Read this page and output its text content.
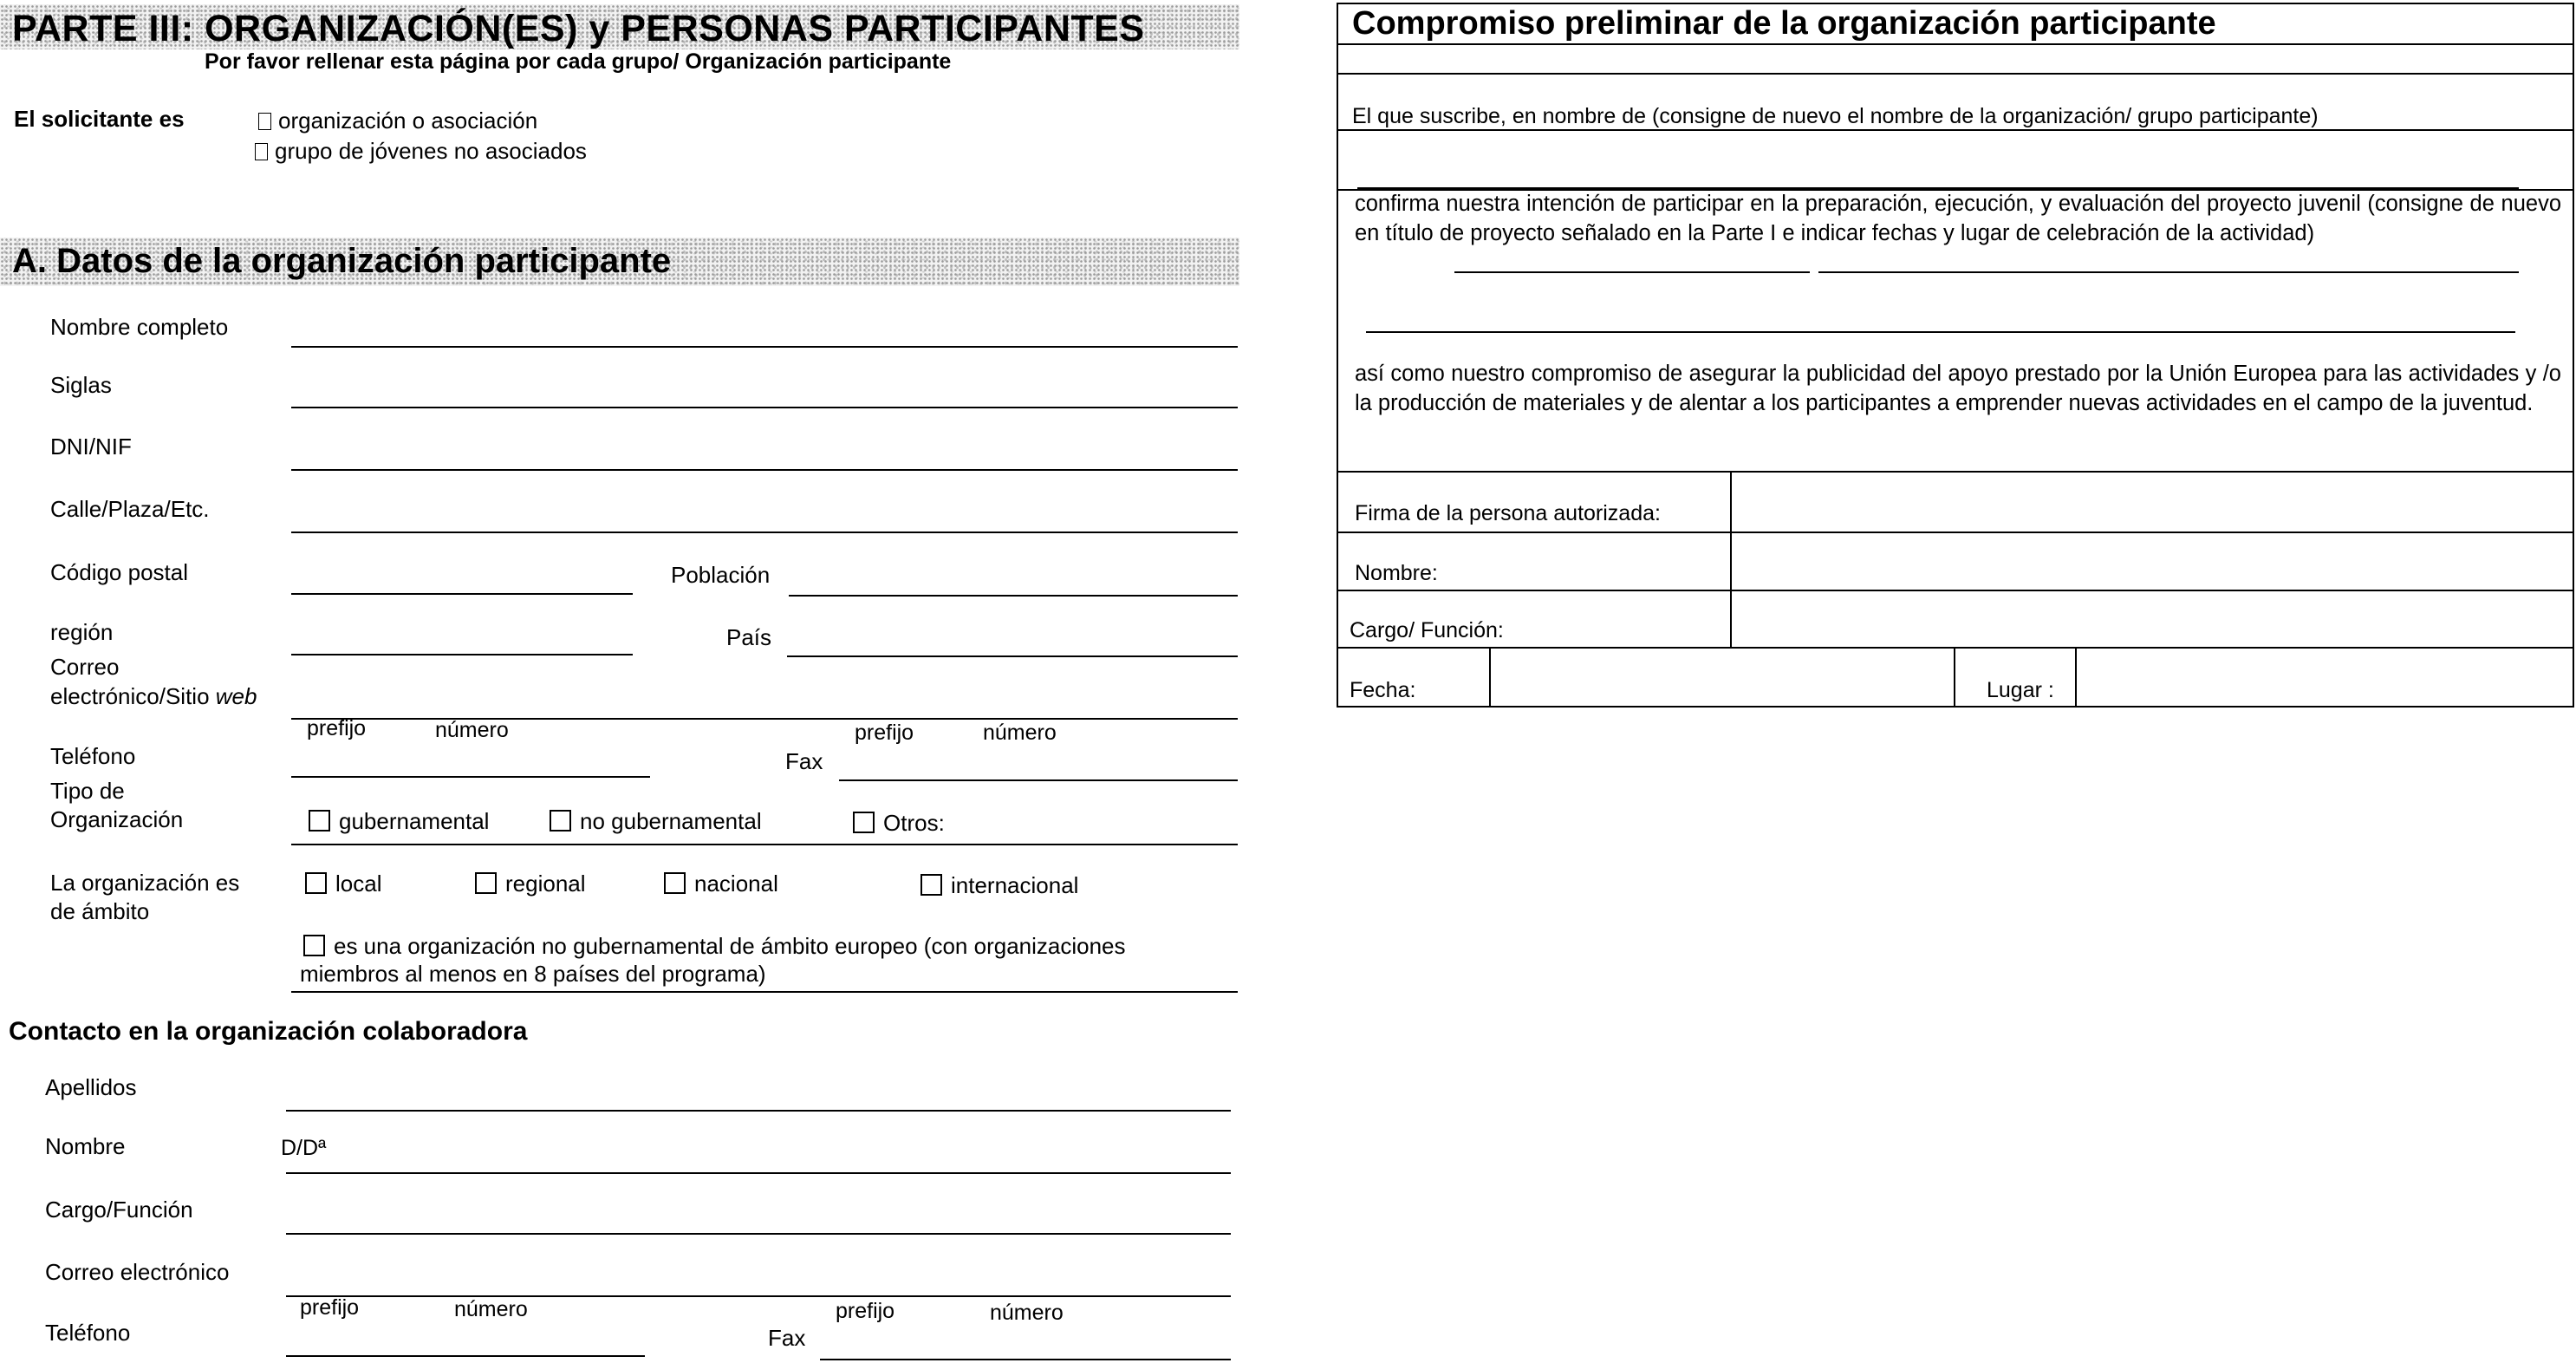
PARTE III: ORGANIZACIÓN(ES) y PERSONAS PARTICIPANTES
Por favor rellenar esta página por cada grupo/ Organización participante
El solicitante es	organización o asociación
grupo de jóvenes no asociados
A. Datos de la organización participante
Nombre completo
Siglas
DNI/NIF
Calle/Plaza/Etc.
Código postal	Población
región	País
Correo
electrónico/Sitio web
prefijo	número
Teléfono
prefijo	número
Fax
Tipo de
Organización	gubernamental	no gubernamental	Otros:
La organización es
de ámbito
local	regional	nacional	internacional
es una organización no gubernamental de ámbito europeo (con organizaciones
miembros al menos en 8 países del programa)
Contacto en la organización colaboradora
Apellidos
Nombre	D/Dª
Cargo/Función
Correo electrónico
prefijo	número
Teléfono
prefijo	número
Fax
Compromiso preliminar de la organización participante
El que suscribe, en nombre de (consigne de nuevo el nombre de la organización/ grupo participante)
confirma nuestra intención de participar en la preparación, ejecución, y evaluación del proyecto juvenil (consigne de nuevo en título de proyecto señalado en la Parte I e indicar fechas y lugar de celebración de la actividad)
así como nuestro compromiso de asegurar la publicidad del apoyo prestado por la Unión Europea para las actividades y /o la producción de materiales y de alentar a los participantes a emprender nuevas actividades en el campo de la juventud.
Firma de la persona autorizada:
Nombre:
Cargo/ Función:
Fecha:	Lugar :
